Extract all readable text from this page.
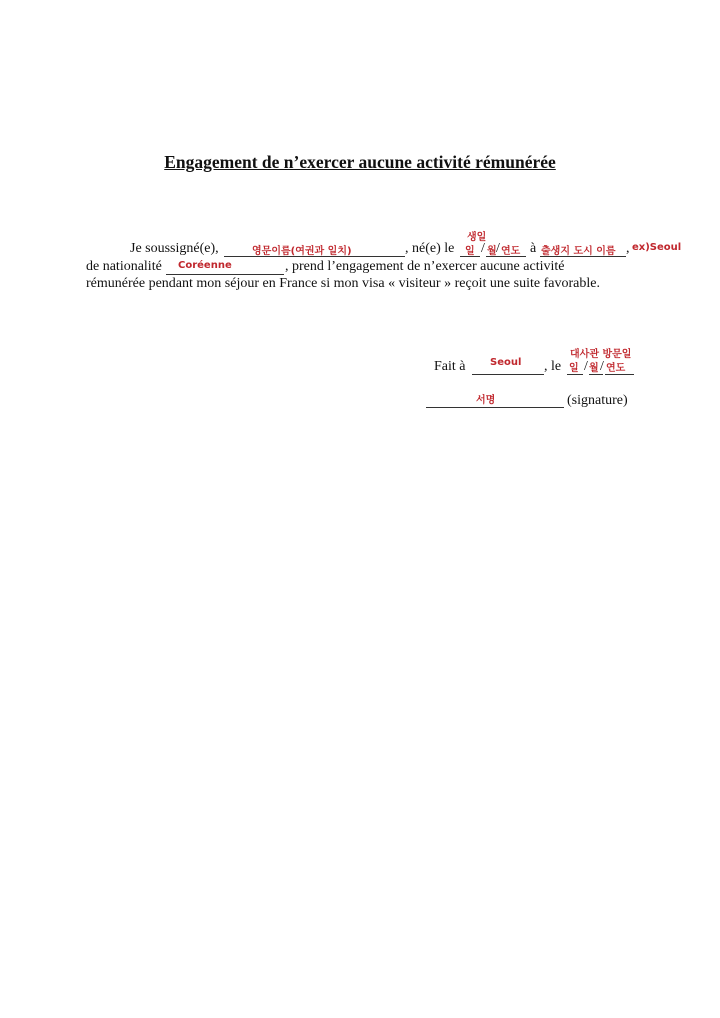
Engagement de n’exercer aucune activité rémunérée
Je soussigné(e),	영문이름(여권과 일치)	, né(e) le
생일
일 / 월 / 연도 à 출생지 도시 이름 , ex)Seoul
de nationalité Coréenne	, prend l’engagement de n’exercer aucune activité
rémunérée pendant mon séjour en France si mon visa « visiteur » reçoit une suite favorable.
대사관 방문일
Fait à Seoul , le 일 / 월 / 연도
서명	(signature)
